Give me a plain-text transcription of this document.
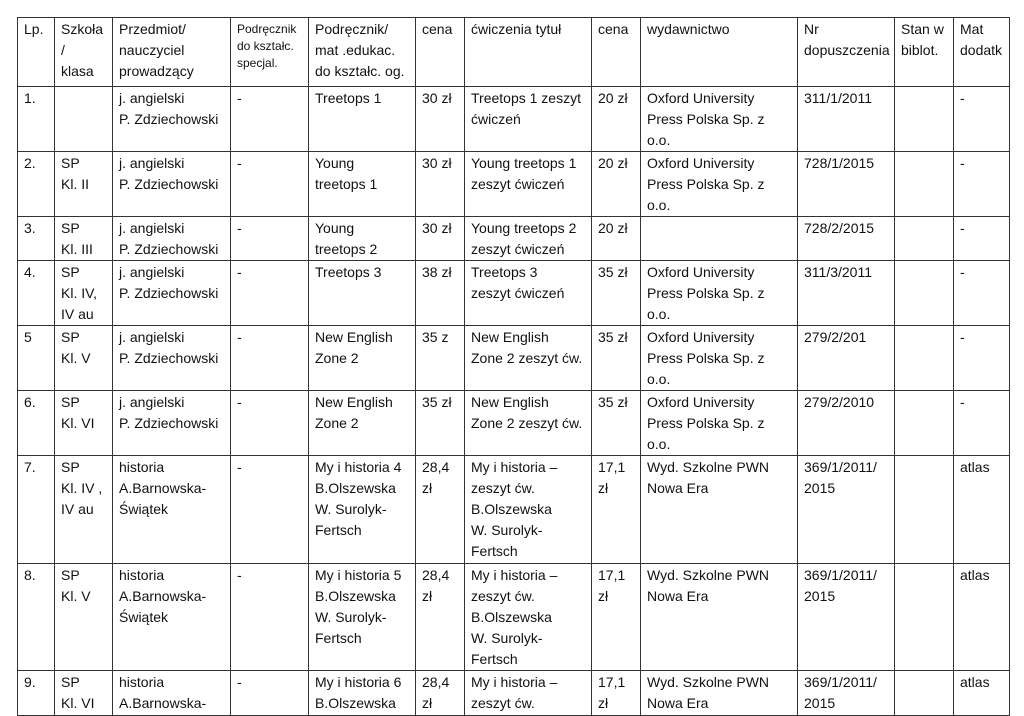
Lp.	Szkoła
/
klasa	Przedmiot/
nauczyciel
prowadzący	Podręcznik
do kształc.
specjal.	Podręcznik/
mat .edukac.
do kształc. og.	cena	ćwiczenia tytuł	cena	wydawnictwo	Nr
dopuszczenia	Stan w
biblot.	Mat
dodatk
1.		j. angielski
P. Zdziechowski	-	Treetops 1	30 zł	Treetops 1 zeszyt
ćwiczeń	20 zł	Oxford University
Press Polska Sp. z o.o.	311/1/2011		-
2.	SP
Kl. II	j. angielski
P. Zdziechowski	-	Young
treetops 1	30 zł	Young treetops 1
zeszyt ćwiczeń	20 zł	Oxford University
Press Polska Sp. z o.o.	728/1/2015		-
3.	SP
Kl. III	j. angielski
P. Zdziechowski	-	Young
treetops 2	30 zł	Young treetops 2
zeszyt ćwiczeń	20 zł		728/2/2015		-
4.	SP
Kl. IV,
IV au	j. angielski
P. Zdziechowski	-	Treetops 3	38 zł	Treetops 3
zeszyt ćwiczeń	35 zł	Oxford University
Press Polska Sp. z o.o.	311/3/2011		-
5	SP
Kl. V	j. angielski
P. Zdziechowski	-	New English
Zone 2	35 z	New English
Zone 2 zeszyt ćw.	35 zł	Oxford University
Press Polska Sp. z o.o.	279/2/201		-
6.	SP
Kl. VI	j. angielski
P. Zdziechowski	-	New English
Zone 2	35 zł	New English
Zone 2 zeszyt ćw.	35 zł	Oxford University
Press Polska Sp. z o.o.	279/2/2010		-
7.	SP
Kl. IV ,
IV au	historia
A.Barnowska-
Świątek	-	My i historia 4
B.Olszewska
W. Surolyk-
Fertsch	28,4
zł	My i historia –
zeszyt ćw.
B.Olszewska
W. Surolyk-
Fertsch	17,1
zł	Wyd. Szkolne PWN
Nowa Era	369/1/2011/
2015		atlas
8.	SP
Kl. V	historia
A.Barnowska-
Świątek	-	My i historia 5
B.Olszewska
W. Surolyk-
Fertsch	28,4
zł	My i historia –
zeszyt ćw.
B.Olszewska
W. Surolyk-
Fertsch	17,1
zł	Wyd. Szkolne PWN
Nowa Era	369/1/2011/
2015		atlas
9.	SP
Kl. VI	historia
A.Barnowska-	-	My i historia 6
B.Olszewska	28,4
zł	My i historia –
zeszyt ćw.	17,1
zł	Wyd. Szkolne PWN
Nowa Era	369/1/2011/
2015		atlas
